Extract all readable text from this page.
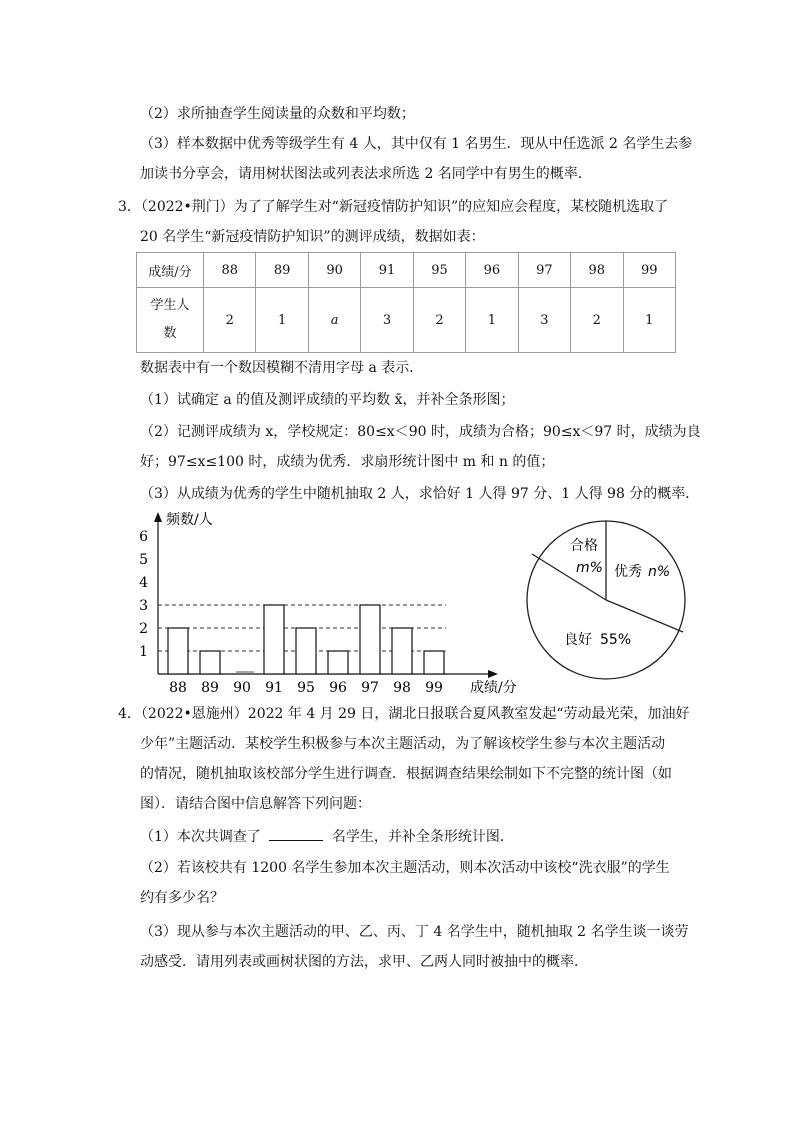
（2）求所抽查学生阅读量的众数和平均数；
（3）样本数据中优秀等级学生有 4 人，其中仅有 1 名男生．现从中任选派 2 名学生去参
加读书分享会，请用树状图法或列表法求所选 2 名同学中有男生的概率．
3．（2022•荆门）为了了解学生对“新冠疫情防护知识”的应知应会程度，某校随机选取了
20 名学生“新冠疫情防护知识”的测评成绩，数据如表：
成绩/分	88	89	90	91	95	96	97	98	99
学生人
数	2	1	a	3	2	1	3	2	1
数据表中有一个数因模糊不清用字母 a 表示．
（1）试确定 a 的值及测评成绩的平均数 x̄，并补全条形图；
（2）记测评成绩为 x，学校规定：80≤x＜90 时，成绩为合格；90≤x＜97 时，成绩为良
好；97≤x≤100 时，成绩为优秀．求扇形统计图中 m 和 n 的值；
（3）从成绩为优秀的学生中随机抽取 2 人，求恰好 1 人得 97 分、1 人得 98 分的概率．
频数/人
成绩/分
1
2
3
4
5
6
88 89 90 91 95 96 97 98 99
合格
m% 优秀 n%
良好 55%
4．（2022•恩施州）2022 年 4 月 29 日，湖北日报联合夏风教室发起“劳动最光荣，加油好
少年”主题活动．某校学生积极参与本次主题活动，为了解该校学生参与本次主题活动
的情况，随机抽取该校部分学生进行调查．根据调查结果绘制如下不完整的统计图（如
图）．请结合图中信息解答下列问题：
（1）本次共调查了	名学生，并补全条形统计图．
（2）若该校共有 1200 名学生参加本次主题活动，则本次活动中该校“洗衣服”的学生
约有多少名？
（3）现从参与本次主题活动的甲、乙、丙、丁 4 名学生中，随机抽取 2 名学生谈一谈劳
动感受．请用列表或画树状图的方法，求甲、乙两人同时被抽中的概率．
